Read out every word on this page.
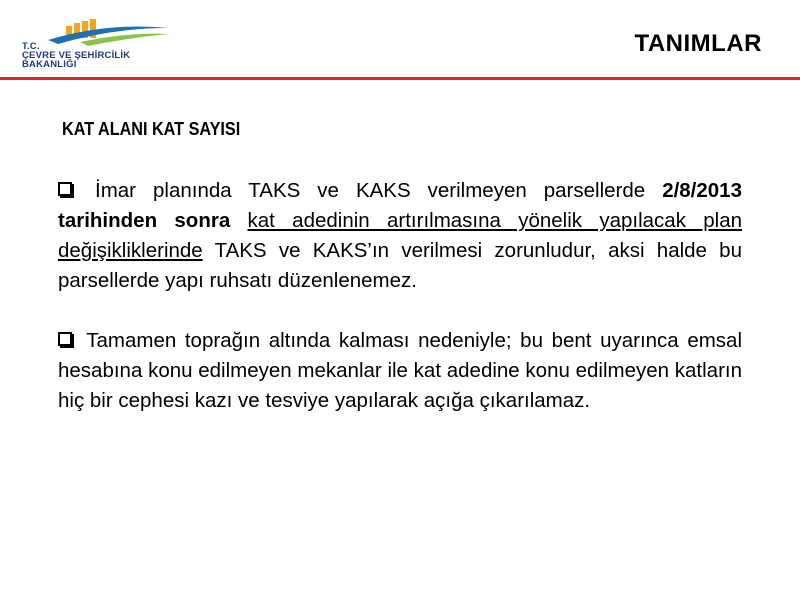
T.C.
ÇEVRE VE ŞEHİRCİLİK
BAKANLIĞI
TANIMLAR
KAT ALANI KAT SAYISI

İmar planında TAKS ve KAKS verilmeyen parsellerde 2/8/2013 tarihinden sonra kat adedinin artırılmasına yönelik yapılacak plan değişikliklerinde TAKS ve KAKS’ın verilmesi zorunludur, aksi halde bu parsellerde yapı ruhsatı düzenlenemez.

Tamamen toprağın altında kalması nedeniyle; bu bent uyarınca emsal hesabına konu edilmeyen mekanlar ile kat adedine konu edilmeyen katların hiç bir cephesi kazı ve tesviye yapılarak açığa çıkarılamaz.
